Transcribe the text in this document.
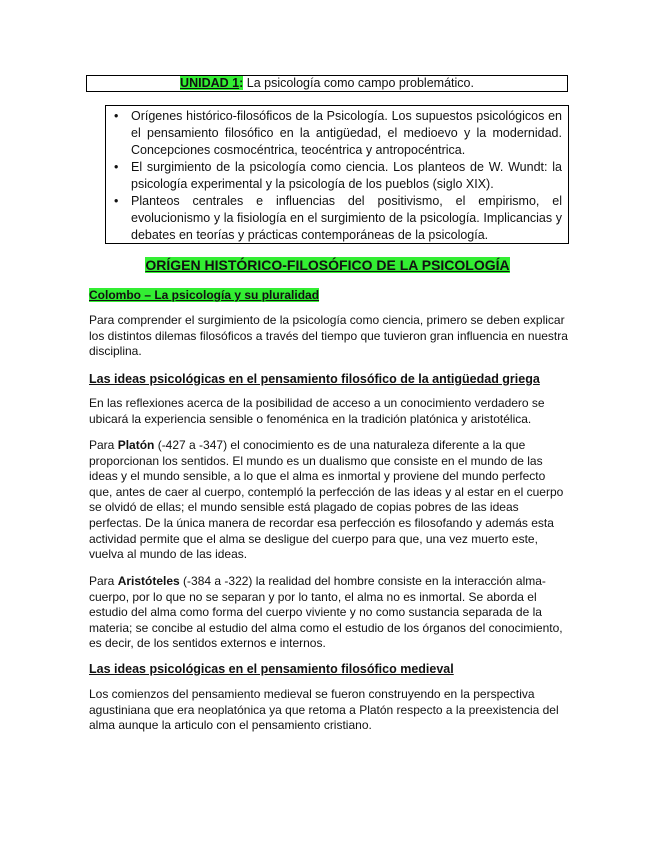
UNIDAD 1: La psicología como campo problemático.
• Orígenes histórico-filosóficos de la Psicología. Los supuestos psicológicos en el pensamiento filosófico en la antigüedad, el medioevo y la modernidad. Concepciones cosmocéntrica, teocéntrica y antropocéntrica.
• El surgimiento de la psicología como ciencia. Los planteos de W. Wundt: la psicología experimental y la psicología de los pueblos (siglo XIX).
• Planteos centrales e influencias del positivismo, el empirismo, el evolucionismo y la fisiología en el surgimiento de la psicología. Implicancias y debates en teorías y prácticas contemporáneas de la psicología.
ORÍGEN HISTÓRICO-FILOSÓFICO DE LA PSICOLOGÍA
Colombo – La psicología y su pluralidad

Para comprender el surgimiento de la psicología como ciencia, primero se deben explicar los distintos dilemas filosóficos a través del tiempo que tuvieron gran influencia en nuestra disciplina.

Las ideas psicológicas en el pensamiento filosófico de la antigüedad griega

En las reflexiones acerca de la posibilidad de acceso a un conocimiento verdadero se ubicará la experiencia sensible o fenoménica en la tradición platónica y aristotélica.

Para Platón (-427 a -347) el conocimiento es de una naturaleza diferente a la que proporcionan los sentidos. El mundo es un dualismo que consiste en el mundo de las ideas y el mundo sensible, a lo que el alma es inmortal y proviene del mundo perfecto que, antes de caer al cuerpo, contempló la perfección de las ideas y al estar en el cuerpo se olvidó de ellas; el mundo sensible está plagado de copias pobres de las ideas perfectas. De la única manera de recordar esa perfección es filosofando y además esta actividad permite que el alma se desligue del cuerpo para que, una vez muerto este, vuelva al mundo de las ideas.

Para Aristóteles (-384 a -322) la realidad del hombre consiste en la interacción alma-cuerpo, por lo que no se separan y por lo tanto, el alma no es inmortal. Se aborda el estudio del alma como forma del cuerpo viviente y no como sustancia separada de la materia; se concibe al estudio del alma como el estudio de los órganos del conocimiento, es decir, de los sentidos externos e internos.

Las ideas psicológicas en el pensamiento filosófico medieval

Los comienzos del pensamiento medieval se fueron construyendo en la perspectiva agustiniana que era neoplatónica ya que retoma a Platón respecto a la preexistencia del alma aunque la articulo con el pensamiento cristiano.
